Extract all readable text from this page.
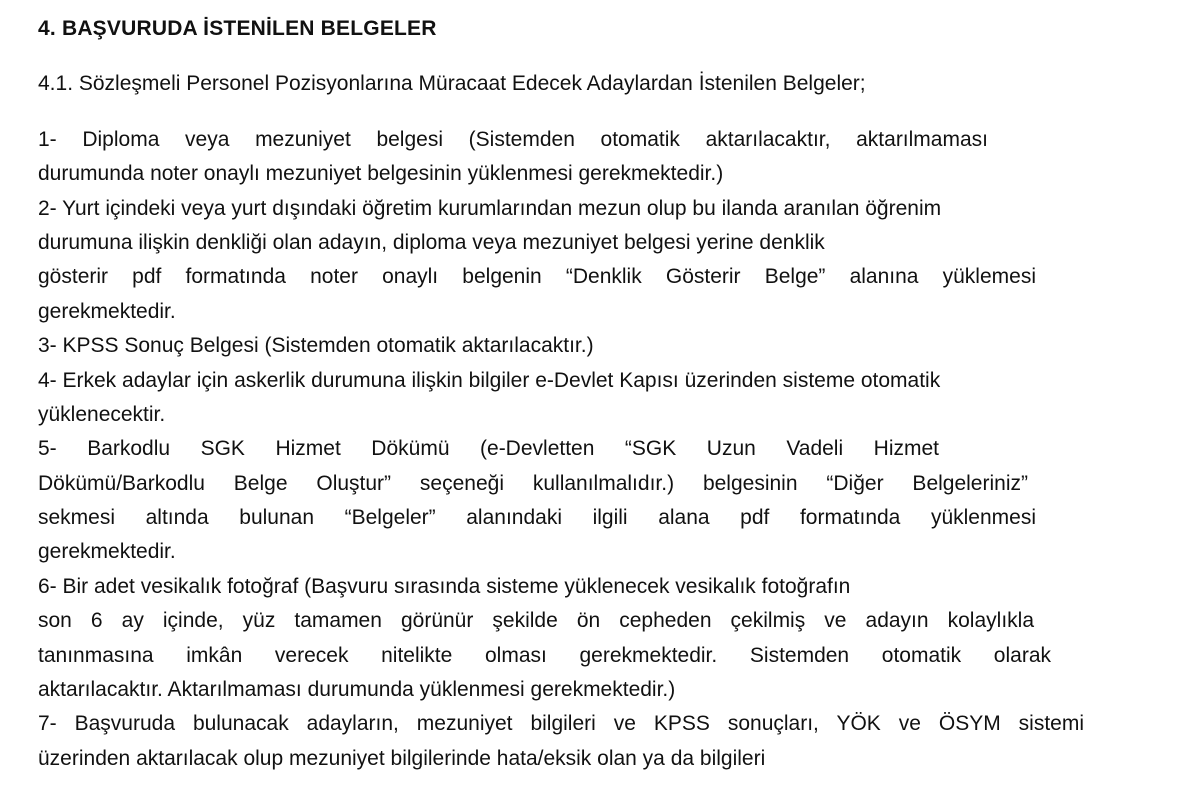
4. BAŞVURUDA İSTENİLEN BELGELER
4.1. Sözleşmeli Personel Pozisyonlarına Müracaat Edecek Adaylardan İstenilen Belgeler;
1- Diploma veya mezuniyet belgesi (Sistemden otomatik aktarılacaktır, aktarılmaması
durumunda noter onaylı mezuniyet belgesinin yüklenmesi gerekmektedir.)
2- Yurt içindeki veya yurt dışındaki öğretim kurumlarından mezun olup bu ilanda aranılan öğrenim
durumuna ilişkin denkliği olan adayın, diploma veya mezuniyet belgesi yerine denklik
gösterir pdf formatında noter onaylı belgenin “Denklik Gösterir Belge” alanına yüklemesi
gerekmektedir.
3- KPSS Sonuç Belgesi (Sistemden otomatik aktarılacaktır.)
4- Erkek adaylar için askerlik durumuna ilişkin bilgiler e-Devlet Kapısı üzerinden sisteme otomatik
yüklenecektir.
5- Barkodlu SGK Hizmet Dökümü (e-Devletten “SGK Uzun Vadeli Hizmet
Dökümü/Barkodlu Belge Oluştur” seçeneği kullanılmalıdır.) belgesinin “Diğer Belgeleriniz”
sekmesi altında bulunan “Belgeler” alanındaki ilgili alana pdf formatında yüklenmesi
gerekmektedir.
6- Bir adet vesikalık fotoğraf (Başvuru sırasında sisteme yüklenecek vesikalık fotoğrafın
son 6 ay içinde, yüz tamamen görünür şekilde ön cepheden çekilmiş ve adayın kolaylıkla
tanınmasına imkân verecek nitelikte olması gerekmektedir. Sistemden otomatik olarak
aktarılacaktır. Aktarılmaması durumunda yüklenmesi gerekmektedir.)
7- Başvuruda bulunacak adayların, mezuniyet bilgileri ve KPSS sonuçları, YÖK ve ÖSYM sistemi
üzerinden aktarılacak olup mezuniyet bilgilerinde hata/eksik olan ya da bilgileri
